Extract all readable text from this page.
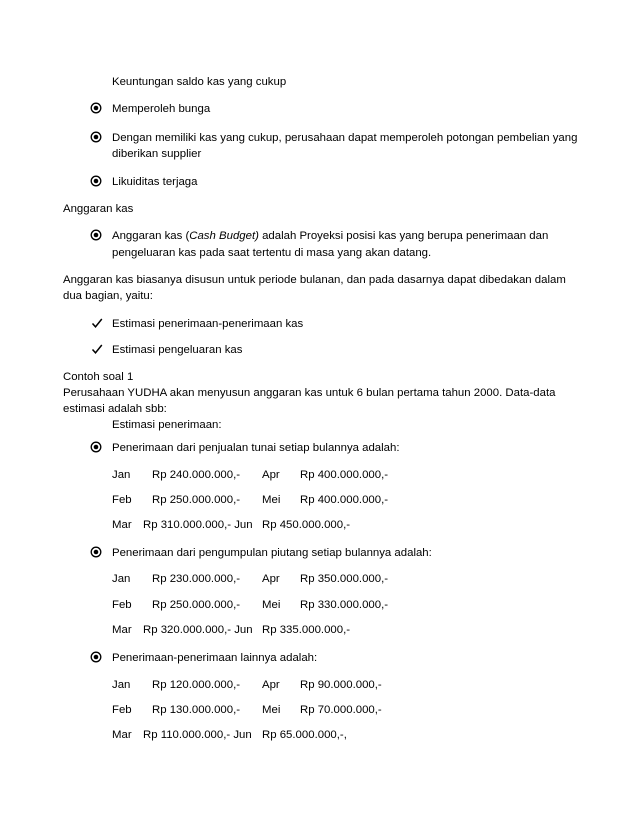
Keuntungan saldo kas yang cukup
Memperoleh bunga
Dengan memiliki kas yang cukup, perusahaan dapat memperoleh potongan pembelian yang
diberikan supplier
Likuiditas terjaga
Anggaran kas
Anggaran kas (Cash Budget) adalah Proyeksi posisi kas yang berupa penerimaan dan
pengeluaran kas pada saat tertentu di masa yang akan datang.
Anggaran kas biasanya disusun untuk periode bulanan, dan pada dasarnya dapat dibedakan dalam
dua bagian, yaitu:
Estimasi penerimaan-penerimaan kas
Estimasi pengeluaran kas
Contoh soal 1
Perusahaan YUDHA akan menyusun anggaran kas untuk 6 bulan pertama tahun 2000. Data-data
estimasi adalah sbb:
Estimasi penerimaan:
Penerimaan dari penjualan tunai setiap bulannya adalah:
Jan Rp 240.000.000,- Apr Rp 400.000.000,-
Feb Rp 250.000.000,- Mei Rp 400.000.000,-
Mar Rp 310.000.000,- Jun Rp 450.000.000,-
Penerimaan dari pengumpulan piutang setiap bulannya adalah:
Jan Rp 230.000.000,- Apr Rp 350.000.000,-
Feb Rp 250.000.000,- Mei Rp 330.000.000,-
Mar Rp 320.000.000,- Jun Rp 335.000.000,-
Penerimaan-penerimaan lainnya adalah:
Jan Rp 120.000.000,- Apr Rp 90.000.000,-
Feb Rp 130.000.000,- Mei Rp 70.000.000,-
Mar Rp 110.000.000,- Jun Rp 65.000.000,-,
